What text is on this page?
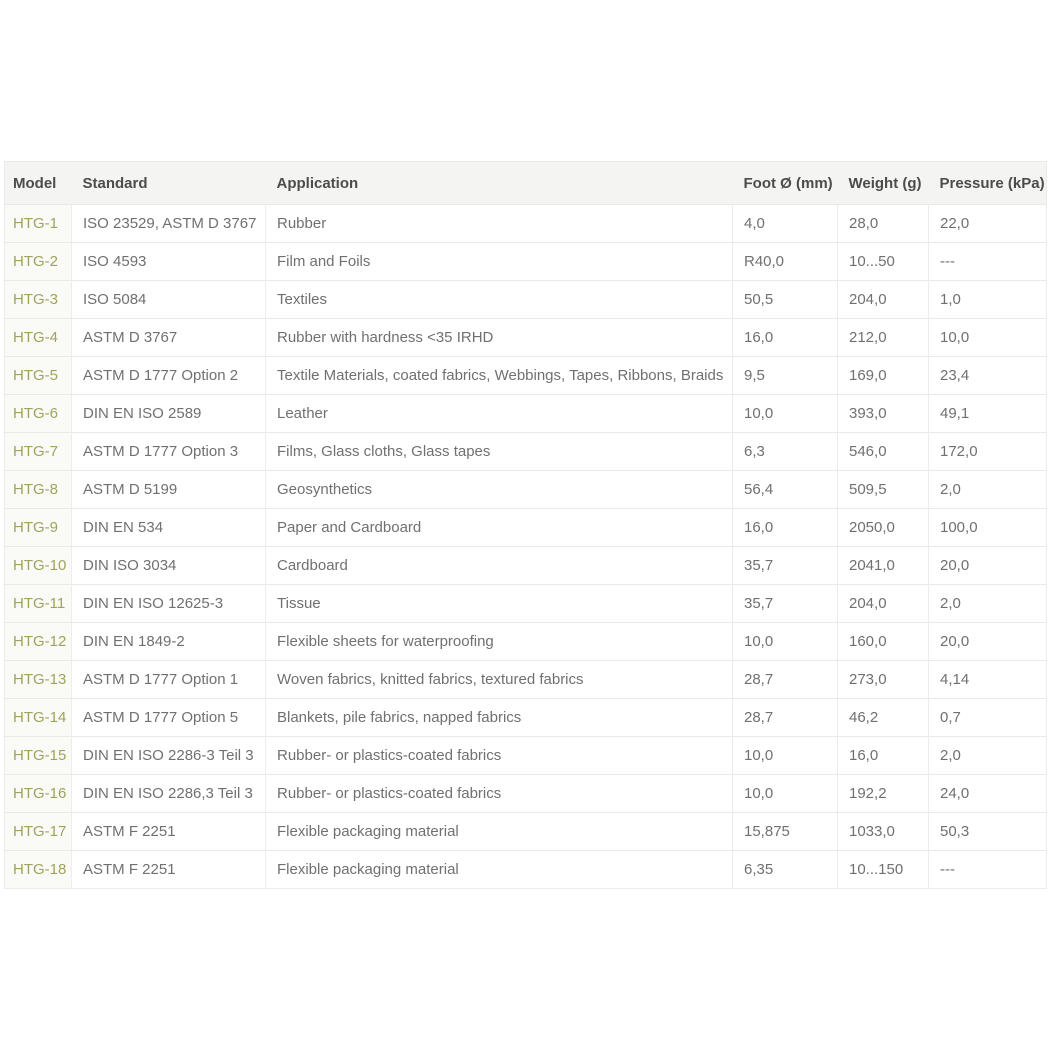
Model	Standard	Application	Foot Ø (mm)	Weight (g)	Pressure (kPa)
HTG-1	ISO 23529, ASTM D 3767	Rubber	4,0	28,0	22,0
HTG-2	ISO 4593	Film and Foils	R40,0	10...50	---
HTG-3	ISO 5084	Textiles	50,5	204,0	1,0
HTG-4	ASTM D 3767	Rubber with hardness <35 IRHD	16,0	212,0	10,0
HTG-5	ASTM D 1777 Option 2	Textile Materials, coated fabrics, Webbings, Tapes, Ribbons, Braids	9,5	169,0	23,4
HTG-6	DIN EN ISO 2589	Leather	10,0	393,0	49,1
HTG-7	ASTM D 1777 Option 3	Films, Glass cloths, Glass tapes	6,3	546,0	172,0
HTG-8	ASTM D 5199	Geosynthetics	56,4	509,5	2,0
HTG-9	DIN EN 534	Paper and Cardboard	16,0	2050,0	100,0
HTG-10	DIN ISO 3034	Cardboard	35,7	2041,0	20,0
HTG-11	DIN EN ISO 12625-3	Tissue	35,7	204,0	2,0
HTG-12	DIN EN 1849-2	Flexible sheets for waterproofing	10,0	160,0	20,0
HTG-13	ASTM D 1777 Option 1	Woven fabrics, knitted fabrics, textured fabrics	28,7	273,0	4,14
HTG-14	ASTM D 1777 Option 5	Blankets, pile fabrics, napped fabrics	28,7	46,2	0,7
HTG-15	DIN EN ISO 2286-3 Teil 3	Rubber- or plastics-coated fabrics	10,0	16,0	2,0
HTG-16	DIN EN ISO 2286,3 Teil 3	Rubber- or plastics-coated fabrics	10,0	192,2	24,0
HTG-17	ASTM F 2251	Flexible packaging material	15,875	1033,0	50,3
HTG-18	ASTM F 2251	Flexible packaging material	6,35	10...150	---
